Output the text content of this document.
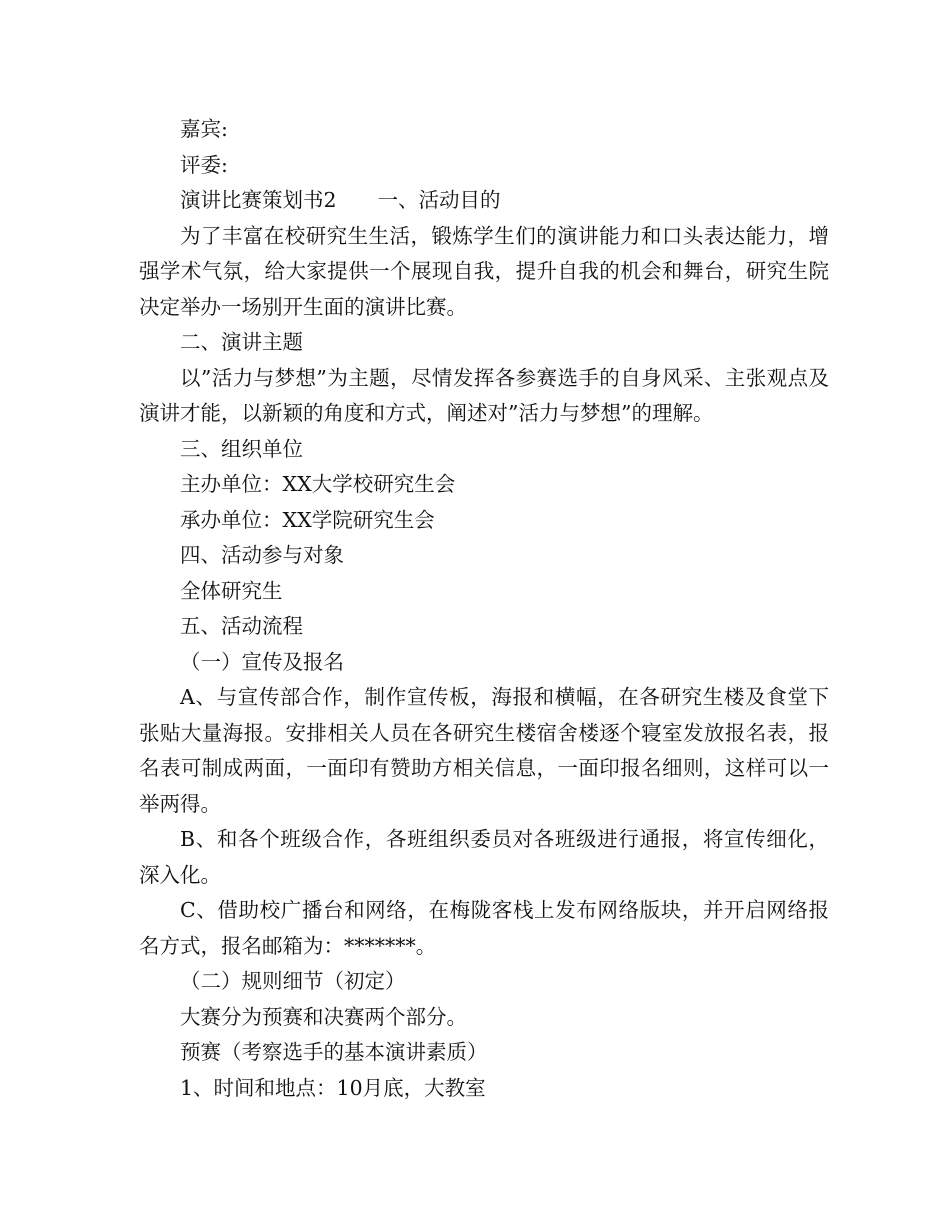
嘉宾:

评委:

演讲比赛策划书2　　一、活动目的

为了丰富在校研究生生活，锻炼学生们的演讲能力和口头表达能力，增强学术气氛，给大家提供一个展现自我，提升自我的机会和舞台，研究生院决定举办一场别开生面的演讲比赛。

二、演讲主题

以”活力与梦想”为主题，尽情发挥各参赛选手的自身风采、主张观点及演讲才能，以新颖的角度和方式，阐述对”活力与梦想”的理解。

三、组织单位

主办单位：XX大学校研究生会

承办单位：XX学院研究生会

四、活动参与对象

全体研究生

五、活动流程

（一）宣传及报名

A、与宣传部合作，制作宣传板，海报和横幅，在各研究生楼及食堂下张贴大量海报。安排相关人员在各研究生楼宿舍楼逐个寝室发放报名表，报名表可制成两面，一面印有赞助方相关信息，一面印报名细则，这样可以一举两得。

B、和各个班级合作，各班组织委员对各班级进行通报，将宣传细化，深入化。

C、借助校广播台和网络，在梅陇客栈上发布网络版块，并开启网络报名方式，报名邮箱为：*******。

（二）规则细节（初定）

大赛分为预赛和决赛两个部分。

预赛（考察选手的基本演讲素质）

1、时间和地点：10月底，大教室
